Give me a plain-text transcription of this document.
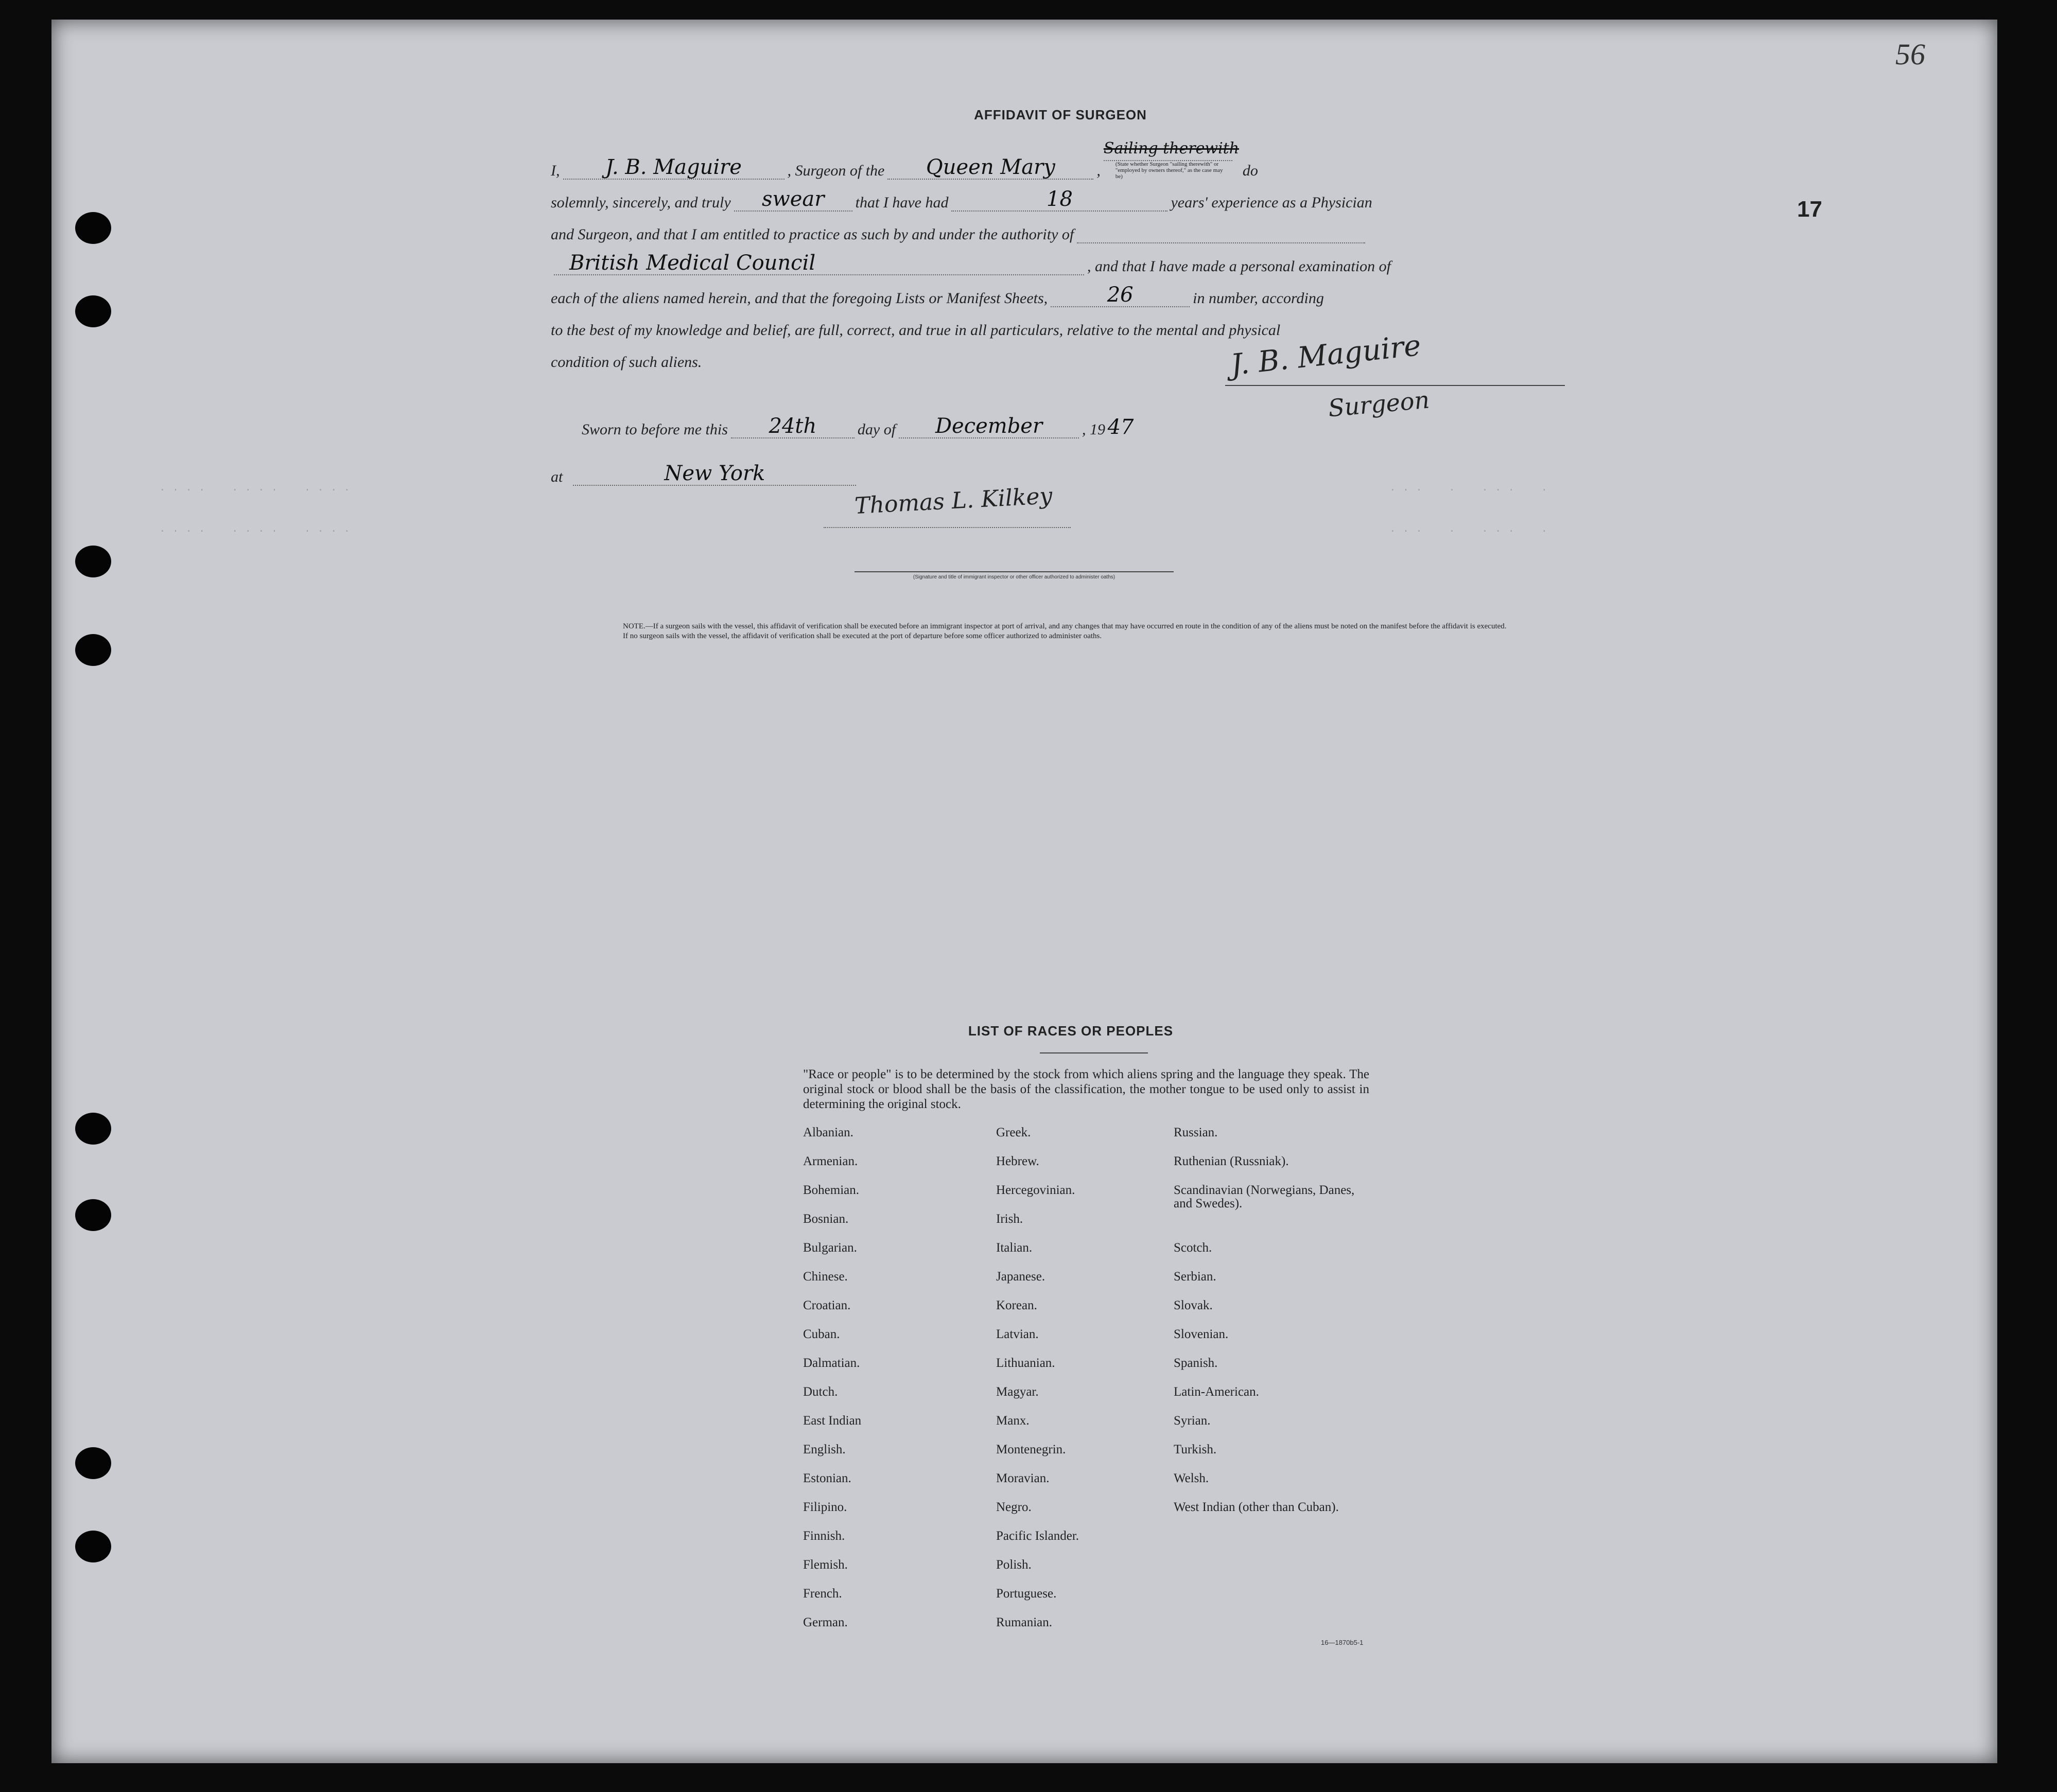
56
17
AFFIDAVIT OF SURGEON
I,	J. B. Maguire	, Surgeon of the	Queen Mary	,
Sailing therewith
(State whether Surgeon "sailing therewith" or "employed by owners thereof," as the case may be)	do
solemnly, sincerely, and truly	swear	that I have had	18	years' experience as a Physician
and Surgeon, and that I am entitled to practice as such by and under the authority of
British Medical Council	, and that I have made a personal examination of
each of the aliens named herein, and that the foregoing Lists or Manifest Sheets,	26	in number, according
to the best of my knowledge and belief, are full, correct, and true in all particulars, relative to the mental and physical
condition of such aliens.	J. B. Maguire
Surgeon
Sworn to before me this	24th	day of	December	, 19 47
at	New York
Thomas L. Kilkey
· · · ·    · · · ·    · · · ·	· · ·    ·    · · ·    ·
· · · ·    · · · ·    · · · ·	· · ·    ·    · · ·    ·
(Signature and title of immigrant inspector or other officer authorized to administer oaths)
NOTE.—If a surgeon sails with the vessel, this affidavit of verification shall be executed before an immigrant inspector at port of arrival, and any changes that may have occurred en route in the condition of any of the aliens must be noted on the manifest before the affidavit is executed.
If no surgeon sails with the vessel, the affidavit of verification shall be executed at the port of departure before some officer authorized to administer oaths.
LIST OF RACES OR PEOPLES
"Race or people" is to be determined by the stock from which aliens spring and the language they speak. The original stock or blood shall be the basis of the classification, the mother tongue to be used only to assist in determining the original stock.
Albanian.
Armenian.
Bohemian.
Bosnian.
Bulgarian.
Chinese.
Croatian.
Cuban.
Dalmatian.
Dutch.
East Indian
English.
Estonian.
Filipino.
Finnish.
Flemish.
French.
German.
Greek.
Hebrew.
Hercegovinian.
Irish.
Italian.
Japanese.
Korean.
Latvian.
Lithuanian.
Magyar.
Manx.
Montenegrin.
Moravian.
Negro.
Pacific Islander.
Polish.
Portuguese.
Rumanian.
Russian.
Ruthenian (Russniak).
Scandinavian (Norwegians, Danes, and Swedes).
Scotch.
Serbian.
Slovak.
Slovenian.
Spanish.
Latin-American.
Syrian.
Turkish.
Welsh.
West Indian (other than Cuban).
16—1870b5-1
